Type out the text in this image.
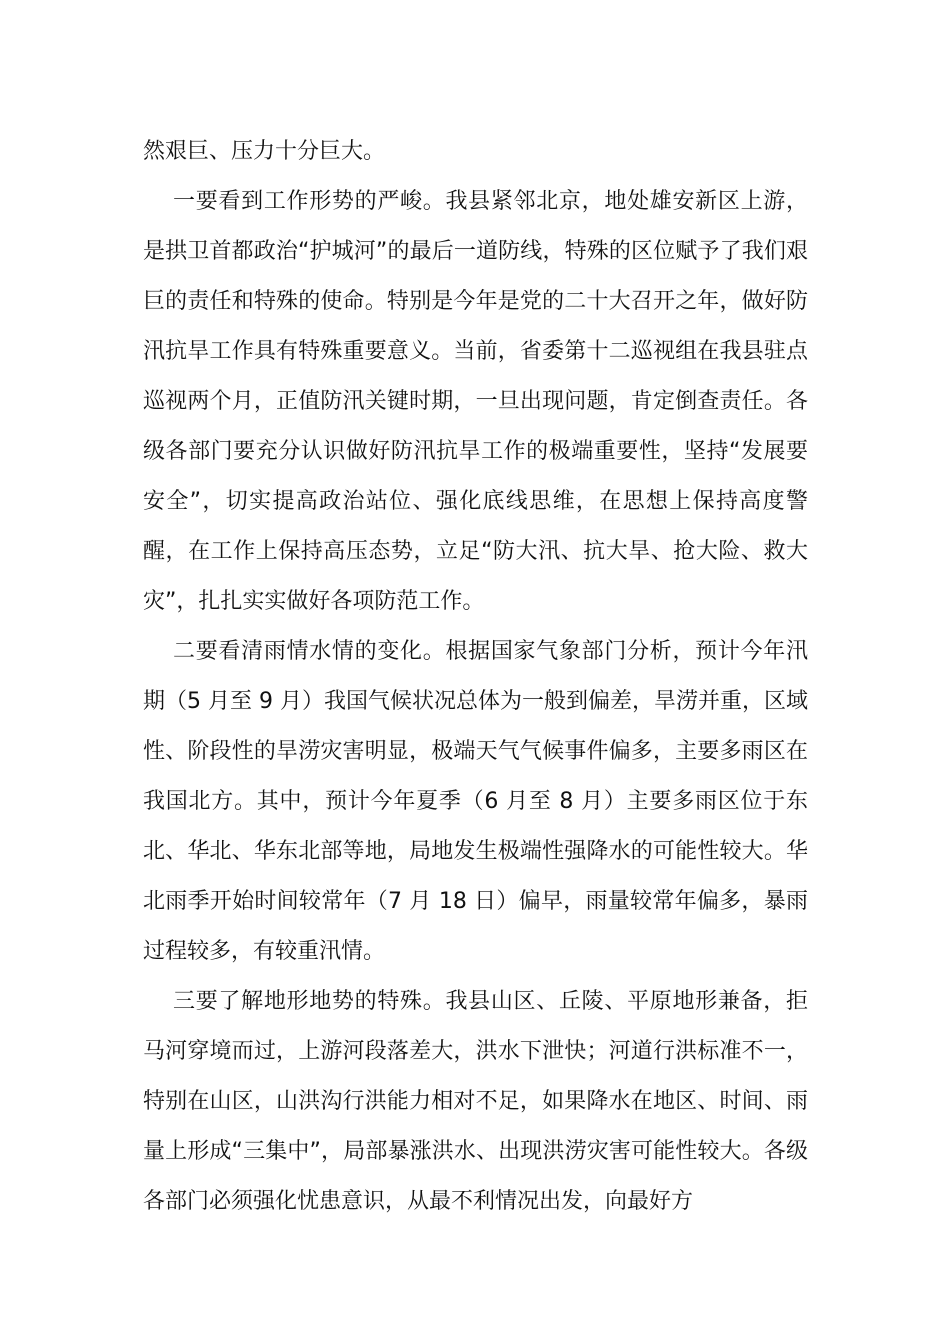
然艰巨、压力十分巨大。

一要看到工作形势的严峻。我县紧邻北京，地处雄安新区上游，是拱卫首都政治“护城河”的最后一道防线，特殊的区位赋予了我们艰巨的责任和特殊的使命。特别是今年是党的二十大召开之年，做好防汛抗旱工作具有特殊重要意义。当前，省委第十二巡视组在我县驻点巡视两个月，正值防汛关键时期，一旦出现问题，肯定倒查责任。各级各部门要充分认识做好防汛抗旱工作的极端重要性，坚持“发展要安全”，切实提高政治站位、强化底线思维，在思想上保持高度警醒，在工作上保持高压态势，立足“防大汛、抗大旱、抢大险、救大灾”，扎扎实实做好各项防范工作。

二要看清雨情水情的变化。根据国家气象部门分析，预计今年汛期（5 月至 9 月）我国气候状况总体为一般到偏差，旱涝并重，区域性、阶段性的旱涝灾害明显，极端天气气候事件偏多，主要多雨区在我国北方。其中，预计今年夏季（6 月至 8 月）主要多雨区位于东北、华北、华东北部等地，局地发生极端性强降水的可能性较大。华北雨季开始时间较常年（7 月 18 日）偏早，雨量较常年偏多，暴雨过程较多，有较重汛情。

三要了解地形地势的特殊。我县山区、丘陵、平原地形兼备，拒马河穿境而过，上游河段落差大，洪水下泄快；河道行洪标准不一，特别在山区，山洪沟行洪能力相对不足，如果降水在地区、时间、雨量上形成“三集中”，局部暴涨洪水、出现洪涝灾害可能性较大。各级各部门必须强化忧患意识，从最不利情况出发，向最好方
